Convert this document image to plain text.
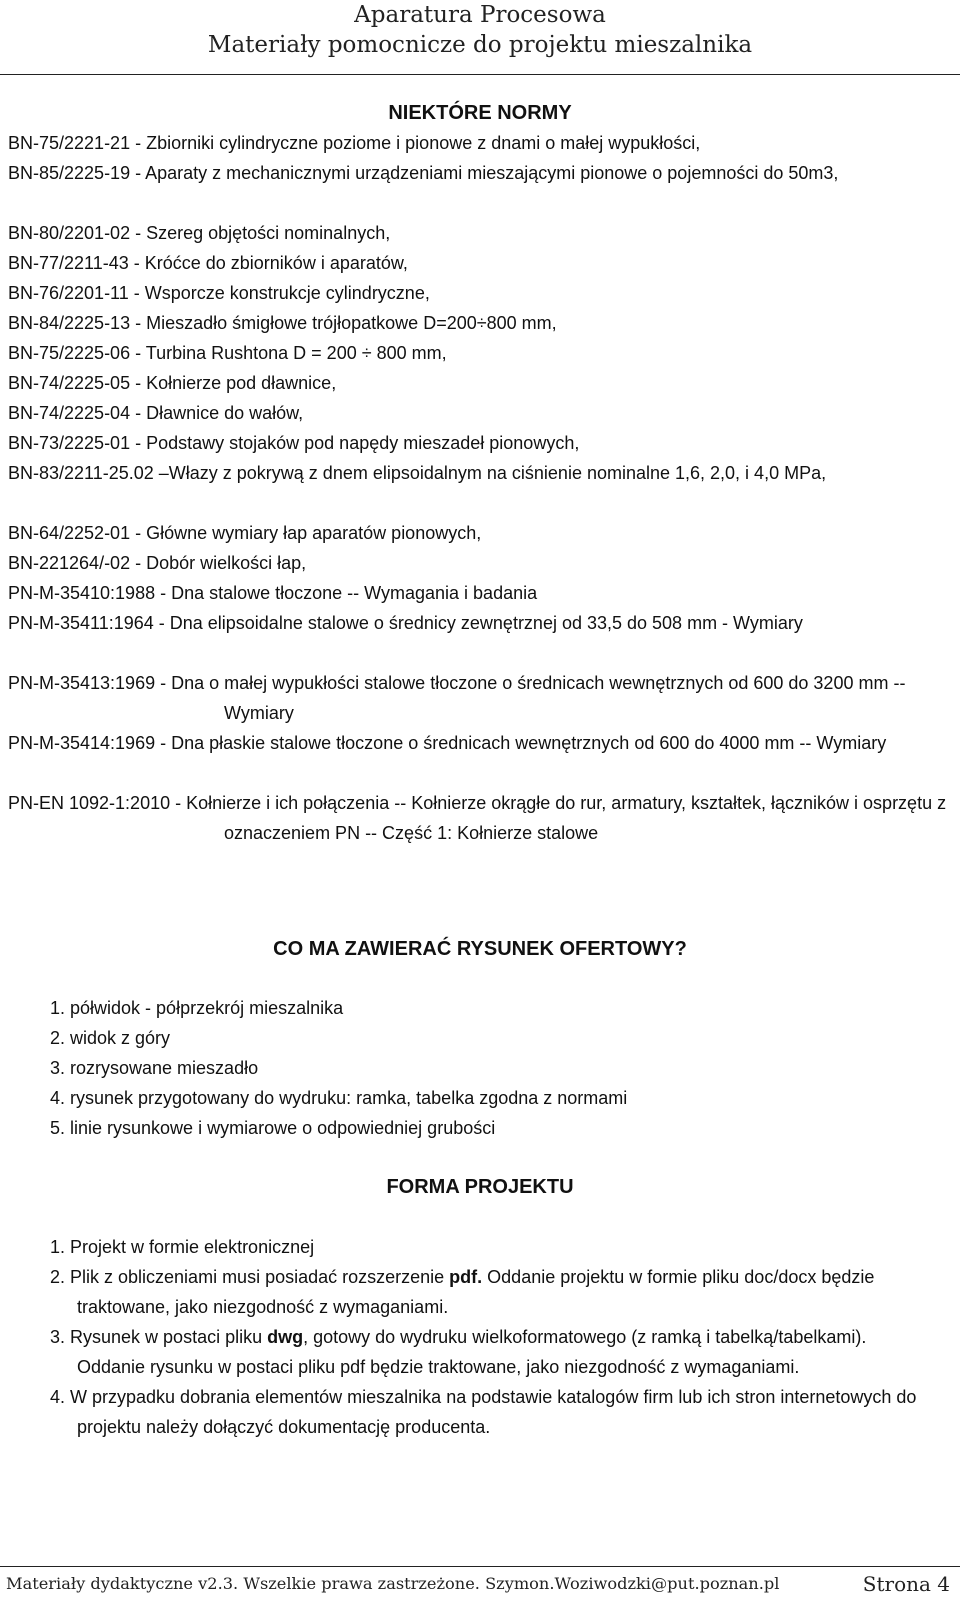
Aparatura Procesowa
Materiały pomocnicze do projektu mieszalnika
NIEKTÓRE NORMY
BN-75/2221-21 - Zbiorniki cylindryczne poziome i pionowe z dnami o małej wypukłości,
BN-85/2225-19 - Aparaty z mechanicznymi urządzeniami mieszającymi pionowe o pojemności do 50m3,
BN-80/2201-02 - Szereg objętości nominalnych,
BN-77/2211-43 - Króćce do zbiorników i aparatów,
BN-76/2201-11 - Wsporcze konstrukcje cylindryczne,
BN-84/2225-13 - Mieszadło śmigłowe trójłopatkowe D=200÷800 mm,
BN-75/2225-06 - Turbina Rushtona D = 200 ÷ 800 mm,
BN-74/2225-05 - Kołnierze pod dławnice,
BN-74/2225-04 - Dławnice do wałów,
BN-73/2225-01 - Podstawy stojaków pod napędy mieszadeł pionowych,
BN-83/2211-25.02 –Włazy z pokrywą z dnem elipsoidalnym na ciśnienie nominalne 1,6, 2,0, i 4,0 MPa,
BN-64/2252-01 - Główne wymiary łap aparatów pionowych,
BN-221264/-02 - Dobór wielkości łap,
PN-M-35410:1988 - Dna stalowe tłoczone -- Wymagania i badania
PN-M-35411:1964 - Dna elipsoidalne stalowe o średnicy zewnętrznej od 33,5 do 508 mm - Wymiary
PN-M-35413:1969 - Dna o małej wypukłości stalowe tłoczone o średnicach wewnętrznych od 600 do 3200 mm -- Wymiary
PN-M-35414:1969 - Dna płaskie stalowe tłoczone o średnicach wewnętrznych od 600 do 4000 mm -- Wymiary
PN-EN 1092-1:2010 - Kołnierze i ich połączenia -- Kołnierze okrągłe do rur, armatury, kształtek, łączników i osprzętu z oznaczeniem PN -- Część 1: Kołnierze stalowe
CO MA ZAWIERAĆ RYSUNEK OFERTOWY?
1. półwidok - półprzekrój mieszalnika
2. widok z góry
3. rozrysowane mieszadło
4. rysunek przygotowany do wydruku: ramka, tabelka zgodna z normami
5. linie rysunkowe i wymiarowe o odpowiedniej grubości
FORMA PROJEKTU
1. Projekt w formie elektronicznej
2. Plik z obliczeniami musi posiadać rozszerzenie pdf. Oddanie projektu w formie pliku doc/docx będzie traktowane, jako niezgodność z wymaganiami.
3. Rysunek w postaci pliku dwg, gotowy do wydruku wielkoformatowego (z ramką i tabelką/tabelkami). Oddanie rysunku w postaci pliku pdf będzie traktowane, jako niezgodność z wymaganiami.
4. W przypadku dobrania elementów mieszalnika na podstawie katalogów firm lub ich stron internetowych do projektu należy dołączyć dokumentację producenta.
Materiały dydaktyczne v2.3. Wszelkie prawa zastrzeżone. Szymon.Woziwodzki@put.poznan.pl	Strona 4
